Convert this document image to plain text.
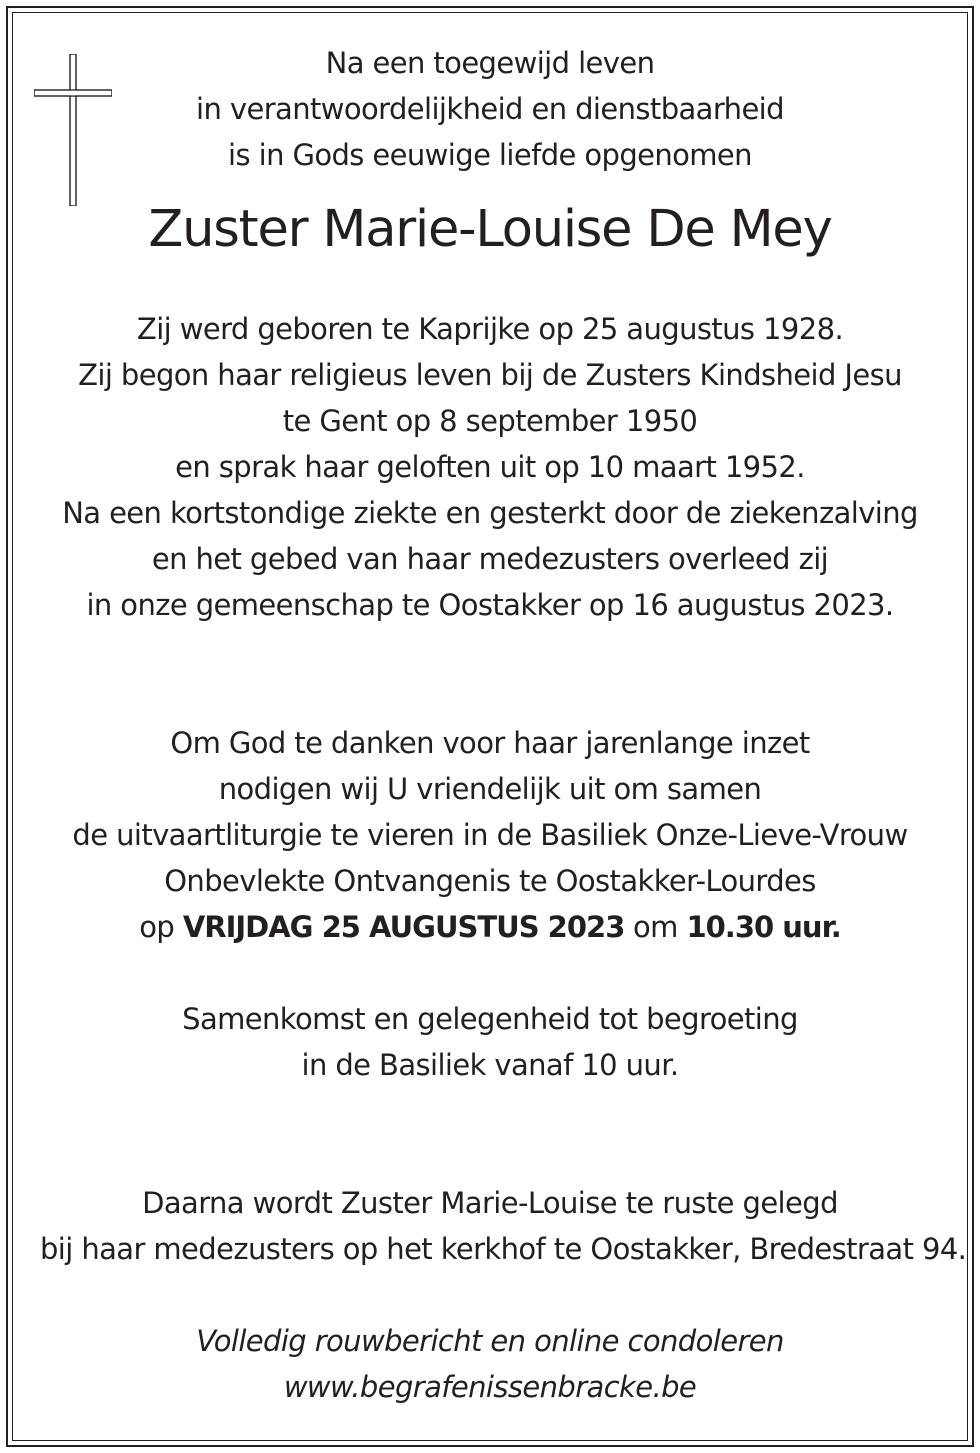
Na een toegewijd leven
in verantwoordelijkheid en dienstbaarheid
is in Gods eeuwige liefde opgenomen
Zuster Marie-Louise De Mey
Zij werd geboren te Kaprijke op 25 augustus 1928.
Zij begon haar religieus leven bij de Zusters Kindsheid Jesu
te Gent op 8 september 1950
en sprak haar geloften uit op 10 maart 1952.
Na een kortstondige ziekte en gesterkt door de ziekenzalving
en het gebed van haar medezusters overleed zij
in onze gemeenschap te Oostakker op 16 augustus 2023.
Om God te danken voor haar jarenlange inzet
nodigen wij U vriendelijk uit om samen
de uitvaartliturgie te vieren in de Basiliek Onze-Lieve-Vrouw
Onbevlekte Ontvangenis te Oostakker-Lourdes
op VRIJDAG 25 AUGUSTUS 2023 om 10.30 uur.
Samenkomst en gelegenheid tot begroeting
in de Basiliek vanaf 10 uur.
Daarna wordt Zuster Marie-Louise te ruste gelegd
bij haar medezusters op het kerkhof te Oostakker, Bredestraat 94.
Volledig rouwbericht en online condoleren
www.begrafenissenbracke.be
